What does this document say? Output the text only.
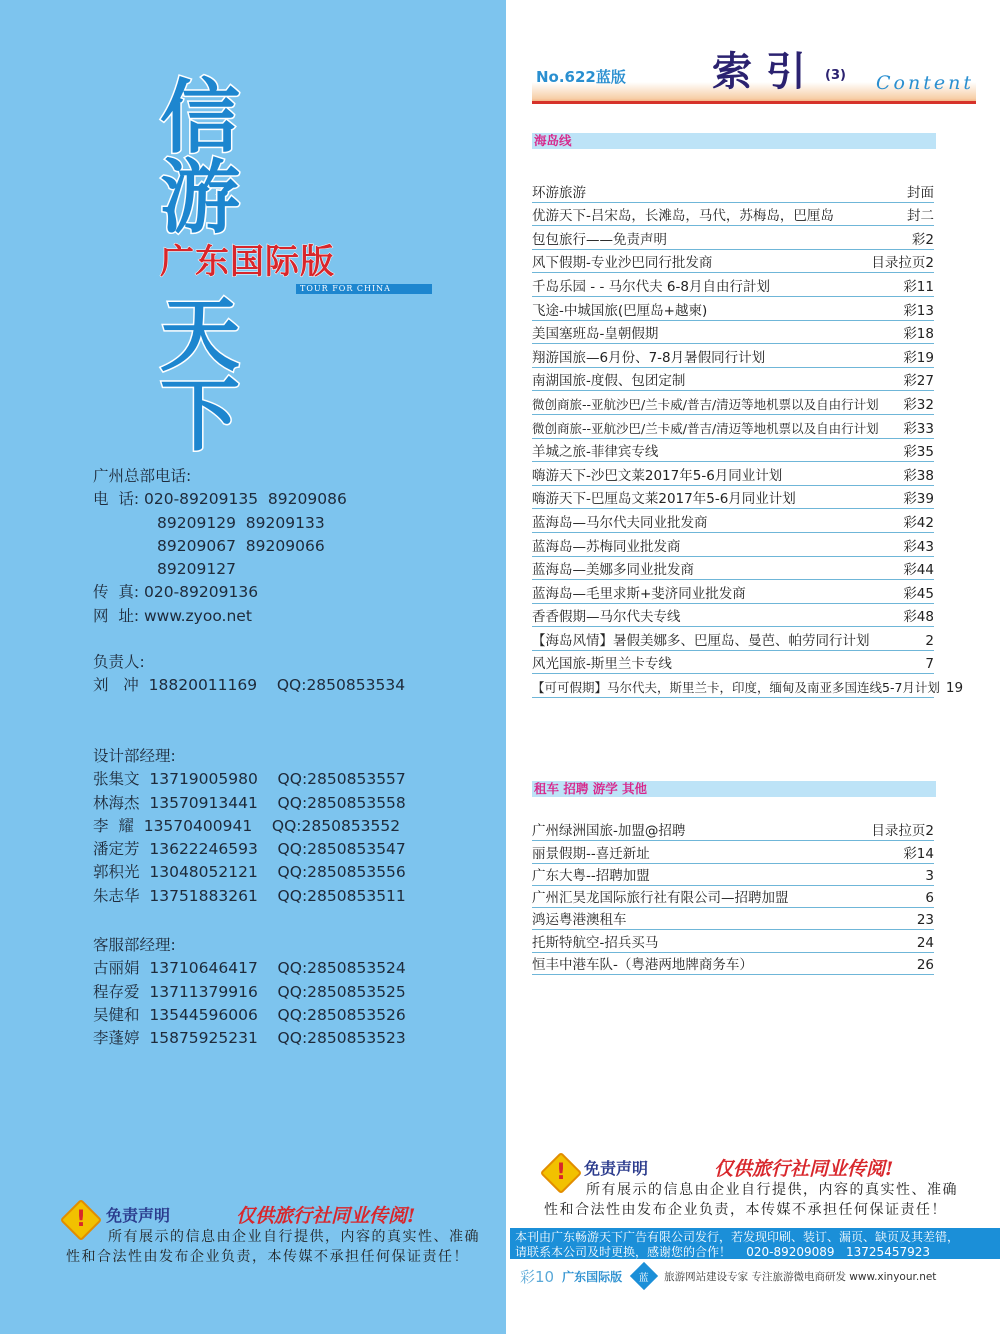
信
游
广东国际版
TOUR FOR CHINA
天
下
广州总部电话:
电  话: 020-89209135  89209086
89209129  89209133
89209067  89209066
89209127
传  真: 020-89209136
网  址: www.zyoo.net
负责人:
刘   冲  18820011169    QQ:2850853534
设计部经理:
张集文  13719005980    QQ:2850853557
林海杰  13570913441    QQ:2850853558
李  耀  13570400941    QQ:2850853552
潘定芳  13622246593    QQ:2850853547
郭积光  13048052121    QQ:2850853556
朱志华  13751883261    QQ:2850853511
客服部经理:
古丽娟  13710646417    QQ:2850853524
程存爱  13711379916    QQ:2850853525
吴健和  13544596006    QQ:2850853526
李蓬婷  15875925231    QQ:2850853523
!	免责声明	仅供旅行社同业传阅!
所有展示的信息由企业自行提供，内容的真实性、准确
性和合法性由发布企业负责，本传媒不承担任何保证责任！
No.622蓝版 索引 (3) Content
海岛线
环游旅游	封面
优游天下-吕宋岛，长滩岛，马代，苏梅岛，巴厘岛	封二
包包旅行——免责声明	彩2
风下假期-专业沙巴同行批发商	目录拉页2
千岛乐园 - - 马尔代夫 6-8月自由行計划	彩11
飞途-中城国旅(巴厘岛+越柬)	彩13
美国塞班岛-皇朝假期	彩18
翔游国旅—6月份、7-8月暑假同行计划	彩19
南湖国旅-度假、包团定制	彩27
微创商旅--亚航沙巴/兰卡威/普吉/清迈等地机票以及自由行计划	彩32
微创商旅--亚航沙巴/兰卡威/普吉/清迈等地机票以及自由行计划	彩33
羊城之旅-菲律宾专线	彩35
嗨游天下-沙巴文莱2017年5-6月同业计划	彩38
嗨游天下-巴厘岛文莱2017年5-6月同业计划	彩39
蓝海岛—马尔代夫同业批发商	彩42
蓝海岛—苏梅同业批发商	彩43
蓝海岛—美娜多同业批发商	彩44
蓝海岛—毛里求斯+斐济同业批发商	彩45
香香假期—马尔代夫专线	彩48
【海岛风情】暑假美娜多、巴厘岛、曼芭、帕劳同行计划	2
风光国旅-斯里兰卡专线	7
【可可假期】马尔代夫，斯里兰卡，印度，缅甸及南亚多国连线5-7月计划 19
租车 招聘 游学 其他
广州绿洲国旅-加盟@招聘	目录拉页2
丽景假期--喜迁新址	彩14
广东大粤--招聘加盟	3
广州汇昊龙国际旅行社有限公司—招聘加盟	6
鸿运粤港澳租车	23
托斯特航空-招兵买马	24
恒丰中港车队-（粤港两地牌商务车）	26
!	免责声明	仅供旅行社同业传阅!
所有展示的信息由企业自行提供，内容的真实性、准确
性和合法性由发布企业负责，本传媒不承担任何保证责任！
本刊由广东畅游天下广告有限公司发行，若发现印刷、装订、漏页、缺页及其差错，
请联系本公司及时更换，感谢您的合作！    020-89209089   13725457923
彩10 广东国际版 蓝 旅游网站建设专家 专注旅游微电商研发 www.xinyour.net
